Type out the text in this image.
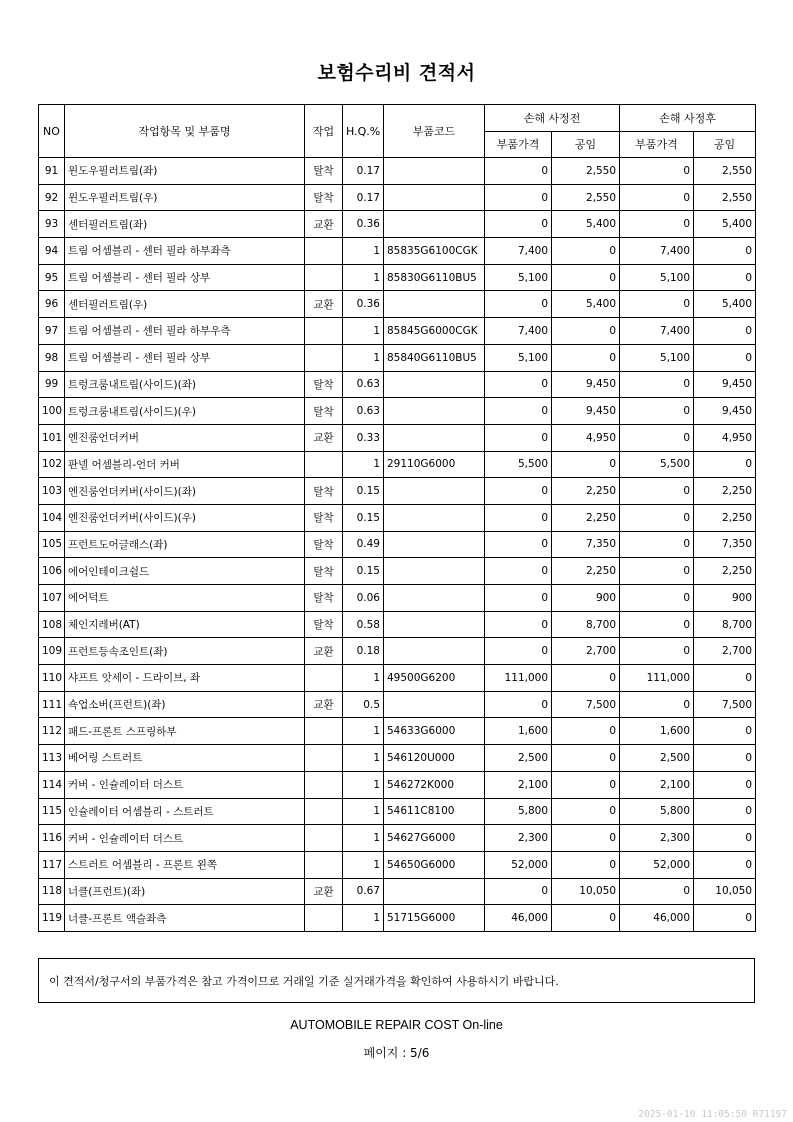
보험수리비 견적서
NO	작업항목 및 부품명	작업	H.Q.%	부품코드	손해 사정전		손해 사정후	
					부품가격	공임	부품가격	공임
91	윈도우필러트림(좌)	탈착	0.17		0	2,550	0	2,550
92	윈도우필러트림(우)	탈착	0.17		0	2,550	0	2,550
93	센터필러트림(좌)	교환	0.36		0	5,400	0	5,400
94	트림 어셈블리 - 센터 필라 하부좌측		1	85835G6100CGK	7,400	0	7,400	0
95	트림 어셈블리 - 센터 필라 상부		1	85830G6110BU5	5,100	0	5,100	0
96	센터필러트림(우)	교환	0.36		0	5,400	0	5,400
97	트림 어셈블리 - 센터 필라 하부우측		1	85845G6000CGK	7,400	0	7,400	0
98	트림 어셈블리 - 센터 필라 상부		1	85840G6110BU5	5,100	0	5,100	0
99	트렁크룸내트림(사이드)(좌)	탈착	0.63		0	9,450	0	9,450
100	트렁크룸내트림(사이드)(우)	탈착	0.63		0	9,450	0	9,450
101	엔진룸언더커버	교환	0.33		0	4,950	0	4,950
102	판넬 어셈블리-언더 커버		1	29110G6000	5,500	0	5,500	0
103	엔진룸언더커버(사이드)(좌)	탈착	0.15		0	2,250	0	2,250
104	엔진룸언더커버(사이드)(우)	탈착	0.15		0	2,250	0	2,250
105	프런트도어글래스(좌)	탈착	0.49		0	7,350	0	7,350
106	에어인테이크쉴드	탈착	0.15		0	2,250	0	2,250
107	에어덕트	탈착	0.06		0	900	0	900
108	체인지레버(AT)	탈착	0.58		0	8,700	0	8,700
109	프런트등속조인트(좌)	교환	0.18		0	2,700	0	2,700
110	샤프트 앗세이 - 드라이브, 좌		1	49500G6200	111,000	0	111,000	0
111	쇽업소버(프런트)(좌)	교환	0.5		0	7,500	0	7,500
112	패드-프론트 스프링하부		1	54633G6000	1,600	0	1,600	0
113	베어링 스트러트		1	546120U000	2,500	0	2,500	0
114	커버 - 인슐레이터 더스트		1	546272K000	2,100	0	2,100	0
115	인슐레이터 어셈블리 - 스트러트		1	54611C8100	5,800	0	5,800	0
116	커버 - 인슐레이터 더스트		1	54627G6000	2,300	0	2,300	0
117	스트러트 어셈블리 - 프론트 왼쪽		1	54650G6000	52,000	0	52,000	0
118	너클(프런트)(좌)	교환	0.67		0	10,050	0	10,050
119	너클-프론트 액슬좌측		1	51715G6000	46,000	0	46,000	0
이 견적서/청구서의 부품가격은 참고 가격이므로 거래일 기준 실거래가격을 확인하여 사용하시기 바랍니다.
AUTOMOBILE REPAIR COST On-line
페이지 : 5/6
2025-01-10 11:05:50 R71197
